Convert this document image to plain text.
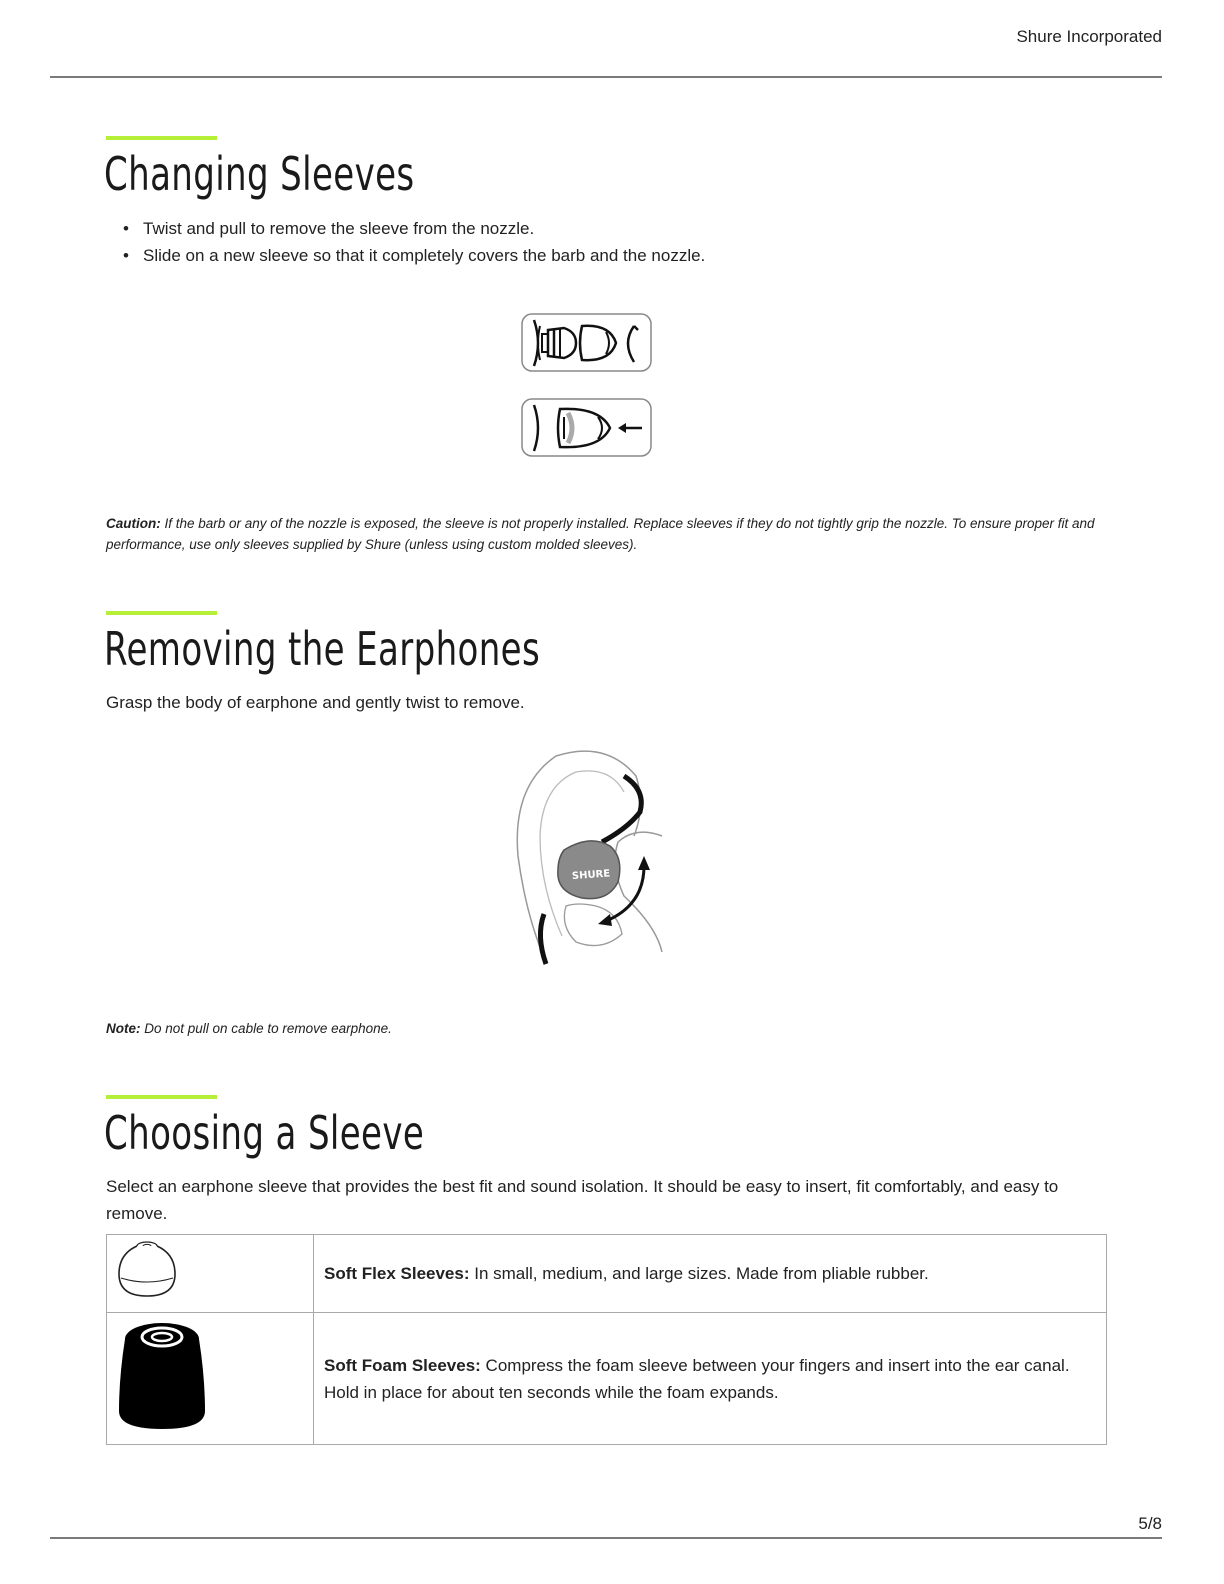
Shure Incorporated
Changing Sleeves
• Twist and pull to remove the sleeve from the nozzle.
• Slide on a new sleeve so that it completely covers the barb and the nozzle.

Caution: If the barb or any of the nozzle is exposed, the sleeve is not properly installed. Replace sleeves if they do not tightly grip the nozzle. To ensure proper fit and performance, use only sleeves supplied by Shure (unless using custom molded sleeves).

Removing the Earphones

Grasp the body of earphone and gently twist to remove.

SHURE

Note: Do not pull on cable to remove earphone.

Choosing a Sleeve

Select an earphone sleeve that provides the best fit and sound isolation. It should be easy to insert, fit comfortably, and easy to remove.

	Soft Flex Sleeves: In small, medium, and large sizes. Made from pliable rubber.
	Soft Foam Sleeves: Compress the foam sleeve between your fingers and insert into the ear canal. Hold in place for about ten seconds while the foam expands.
5/8
